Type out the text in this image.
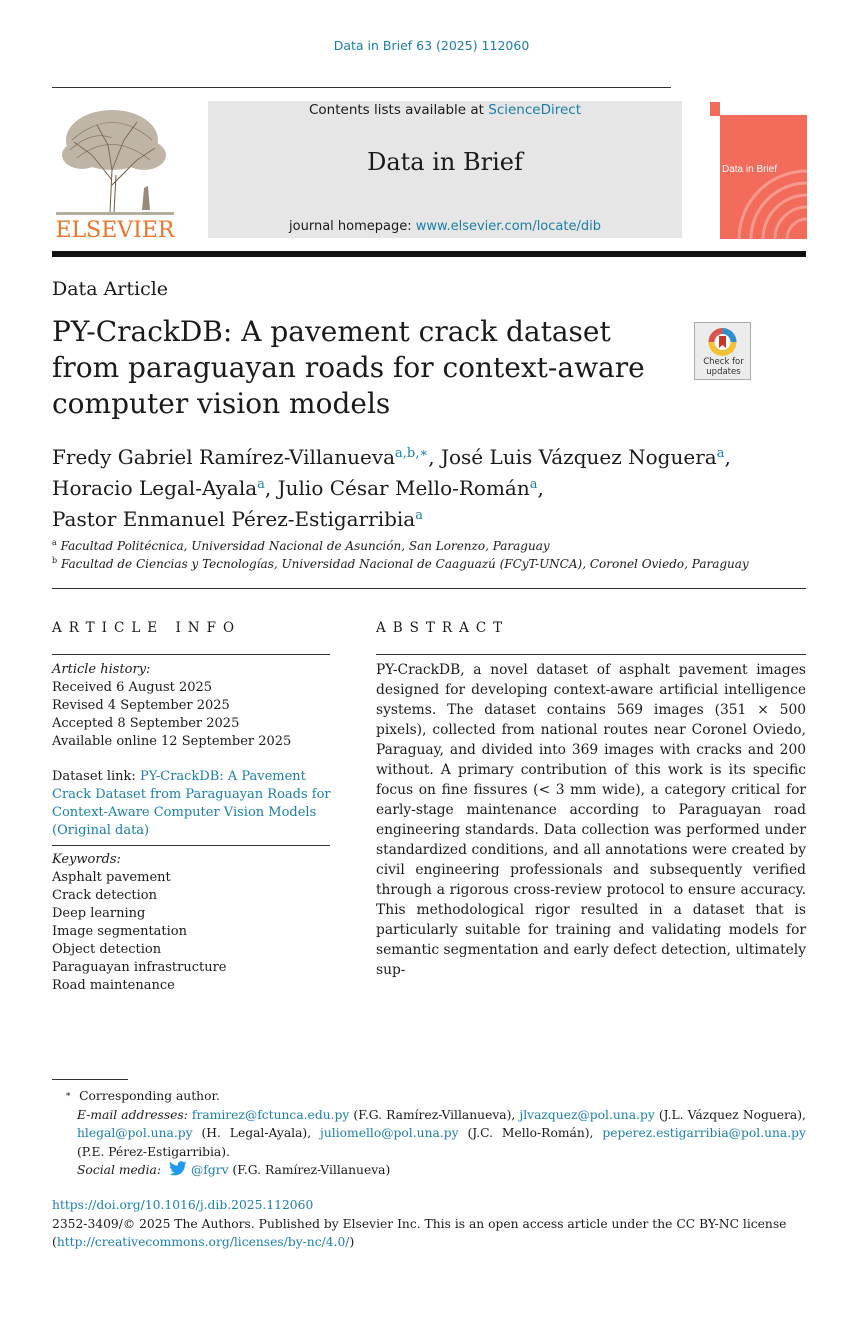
Data in Brief 63 (2025) 112060
ELSEVIER
Contents lists available at ScienceDirect
Data in Brief
journal homepage: www.elsevier.com/locate/dib
Data in Brief
Data Article
PY-CrackDB: A pavement crack dataset from paraguayan roads for context-aware computer vision models
Check for updates
Fredy Gabriel Ramírez-Villanueva$^{a,b,∗}$, José Luis Vázquez Noguera$^a$,
Horacio Legal-Ayala$^a$, Julio César Mello-Román$^a$,
Pastor Enmanuel Pérez-Estigarribia$^a$
$^a$ Facultad Politécnica, Universidad Nacional de Asunción, San Lorenzo, Paraguay
$^b$ Facultad de Ciencias y Tecnologías, Universidad Nacional de Caaguazú (FCyT-UNCA), Coronel Oviedo, Paraguay
ARTICLE INFO
Article history:
Received 6 August 2025
Revised 4 September 2025
Accepted 8 September 2025
Available online 12 September 2025
Dataset link: PY-CrackDB: A Pavement Crack Dataset from Paraguayan Roads for Context-Aware Computer Vision Models (Original data)
Keywords:
Asphalt pavement
Crack detection
Deep learning
Image segmentation
Object detection
Paraguayan infrastructure
Road maintenance
ABSTRACT
PY-CrackDB, a novel dataset of asphalt pavement images designed for developing context-aware artificial intelligence systems. The dataset contains 569 images (351 × 500 pixels), collected from national routes near Coronel Oviedo, Paraguay, and divided into 369 images with cracks and 200 without. A primary contribution of this work is its specific focus on fine fissures (< 3 mm wide), a category critical for early-stage maintenance according to Paraguayan road engineering standards. Data collection was performed under standardized conditions, and all annotations were created by civil engineering professionals and subsequently verified through a rigorous cross-review protocol to ensure accuracy. This methodological rigor resulted in a dataset that is particularly suitable for training and validating models for semantic segmentation and early defect detection, ultimately sup-
∗ Corresponding author.
E-mail addresses: framirez@fctunca.edu.py (F.G. Ramírez-Villanueva), jlvazquez@pol.una.py (J.L. Vázquez Noguera), hlegal@pol.una.py (H. Legal-Ayala), juliomello@pol.una.py (J.C. Mello-Román), peperez.estigarribia@pol.una.py (P.E. Pérez-Estigarribia).
Social media: @fgrv (F.G. Ramírez-Villanueva)
https://doi.org/10.1016/j.dib.2025.112060
2352-3409/© 2025 The Authors. Published by Elsevier Inc. This is an open access article under the CC BY-NC license
(http://creativecommons.org/licenses/by-nc/4.0/)
